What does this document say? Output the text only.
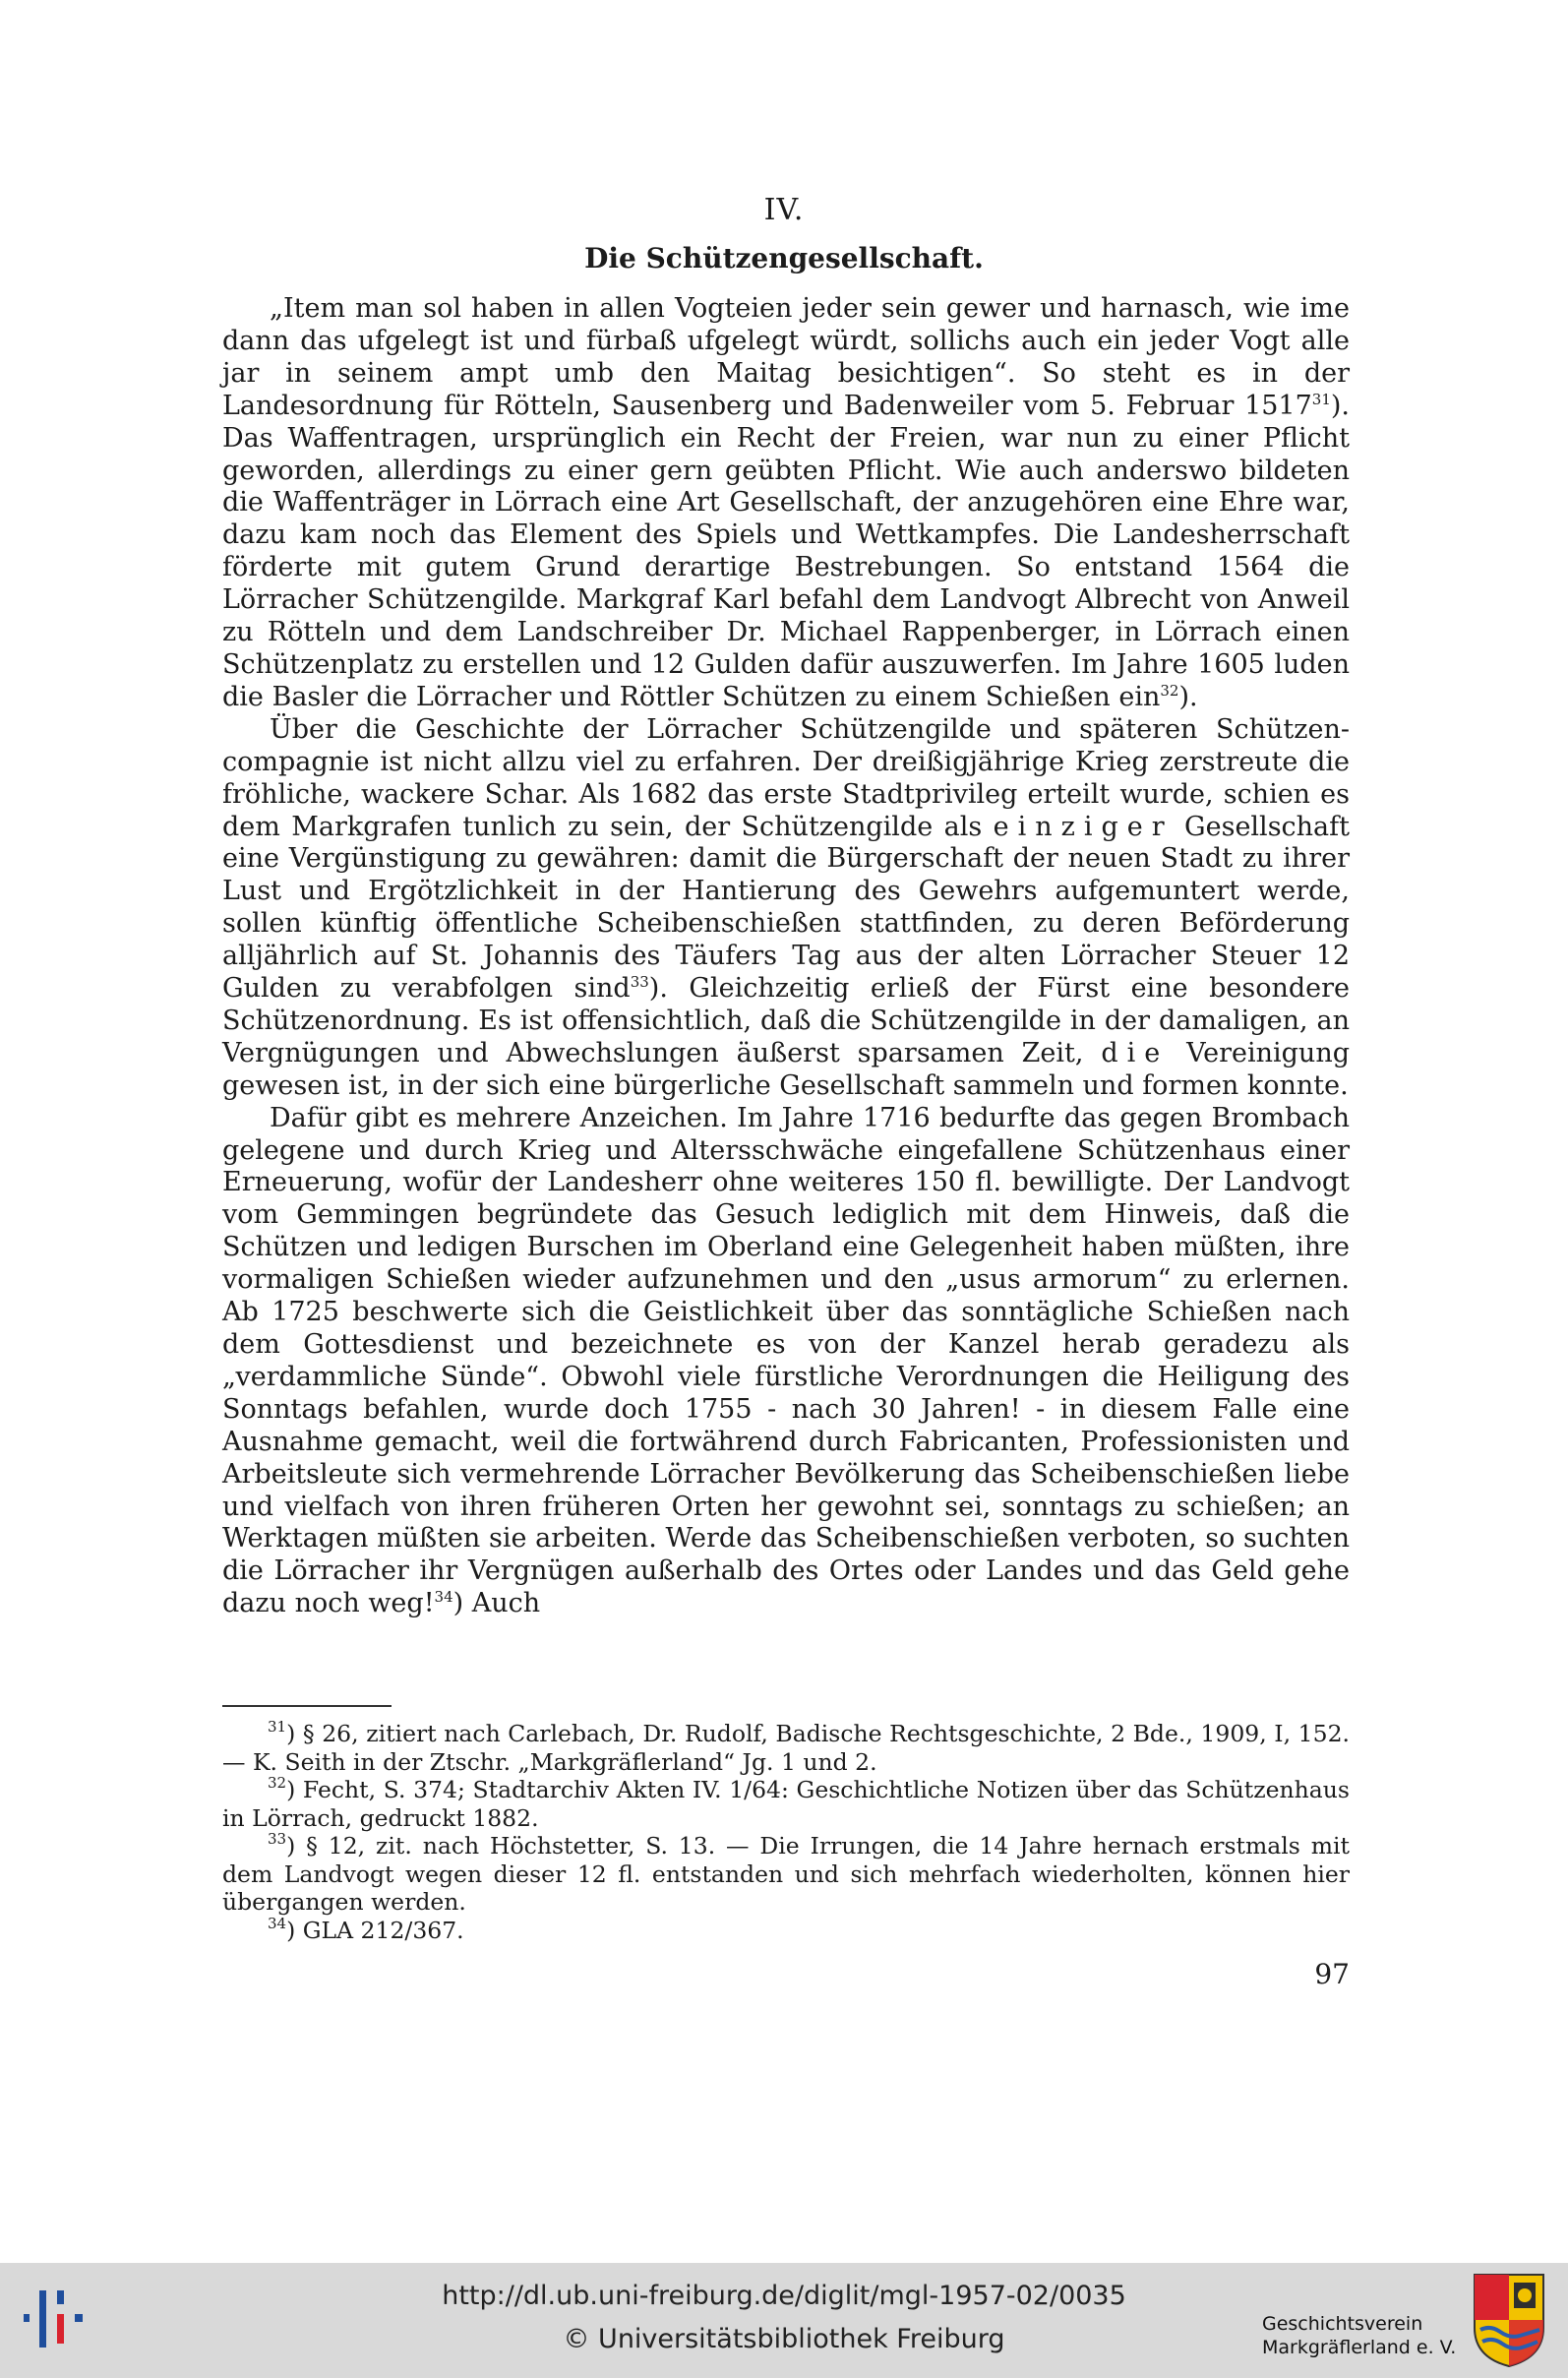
IV.
Die Schützengesellschaft.

„Item man sol haben in allen Vogteien jeder sein gewer und harnasch, wie ime dann das ufgelegt ist und fürbaß ufgelegt würdt, sollichs auch ein jeder Vogt alle jar in seinem ampt umb den Maitag besichtigen“. So steht es in der Landesordnung für Rötteln, Sausenberg und Badenweiler vom 5. Februar 1517$^{31}$). Das Waffentragen, ursprünglich ein Recht der Freien, war nun zu einer Pflicht geworden, allerdings zu einer gern geübten Pflicht. Wie auch anderswo bildeten die Waffenträger in Lörrach eine Art Gesellschaft, der anzugehören eine Ehre war, dazu kam noch das Element des Spiels und Wettkampfes. Die Landesherrschaft förderte mit gutem Grund derartige Bestrebungen. So entstand 1564 die Lörracher Schützengilde. Markgraf Karl befahl dem Landvogt Albrecht von Anweil zu Rötteln und dem Landschreiber Dr. Michael Rappenberger, in Lörrach einen Schützenplatz zu erstellen und 12 Gulden dafür auszuwerfen. Im Jahre 1605 luden die Basler die Lörracher und Röttler Schützen zu einem Schießen ein$^{32}$).

Über die Geschichte der Lörracher Schützengilde und späteren Schützencompagnie ist nicht allzu viel zu erfahren. Der dreißigjährige Krieg zerstreute die fröhliche, wackere Schar. Als 1682 das erste Stadtprivileg erteilt wurde, schien es dem Markgrafen tunlich zu sein, der Schützengilde als einziger Gesellschaft eine Vergünstigung zu gewähren: damit die Bürgerschaft der neuen Stadt zu ihrer Lust und Ergötzlichkeit in der Hantierung des Gewehrs aufgemuntert werde, sollen künftig öffentliche Scheibenschießen stattfinden, zu deren Beförderung alljährlich auf St. Johannis des Täufers Tag aus der alten Lörracher Steuer 12 Gulden zu verabfolgen sind$^{33}$). Gleichzeitig erließ der Fürst eine besondere Schützenordnung. Es ist offensichtlich, daß die Schützengilde in der damaligen, an Vergnügungen und Abwechslungen äußerst sparsamen Zeit, die Vereinigung gewesen ist, in der sich eine bürgerliche Gesellschaft sammeln und formen konnte.

Dafür gibt es mehrere Anzeichen. Im Jahre 1716 bedurfte das gegen Brombach gelegene und durch Krieg und Altersschwäche eingefallene Schützenhaus einer Erneuerung, wofür der Landesherr ohne weiteres 150 fl. bewilligte. Der Landvogt vom Gemmingen begründete das Gesuch lediglich mit dem Hinweis, daß die Schützen und ledigen Burschen im Oberland eine Gelegenheit haben müßten, ihre vormaligen Schießen wieder aufzunehmen und den „usus armorum“ zu erlernen. Ab 1725 beschwerte sich die Geistlichkeit über das sonntägliche Schießen nach dem Gottesdienst und bezeichnete es von der Kanzel herab geradezu als „verdammliche Sünde“. Obwohl viele fürstliche Verordnungen die Heiligung des Sonntags befahlen, wurde doch 1755 - nach 30 Jahren! - in diesem Falle eine Ausnahme gemacht, weil die fortwährend durch Fabricanten, Professionisten und Arbeitsleute sich vermehrende Lörracher Bevölkerung das Scheibenschießen liebe und vielfach von ihren früheren Orten her gewohnt sei, sonntags zu schießen; an Werktagen müßten sie arbeiten. Werde das Scheibenschießen verboten, so suchten die Lörracher ihr Vergnügen außerhalb des Ortes oder Landes und das Geld gehe dazu noch weg!$^{34}$) Auch

$^{31}$) § 26, zitiert nach Carlebach, Dr. Rudolf, Badische Rechtsgeschichte, 2 Bde., 1909, I, 152. — K. Seith in der Ztschr. „Markgräflerland“ Jg. 1 und 2.

$^{32}$) Fecht, S. 374; Stadtarchiv Akten IV. 1/64: Geschichtliche Notizen über das Schützenhaus in Lörrach, gedruckt 1882.

$^{33}$) § 12, zit. nach Höchstetter, S. 13. — Die Irrungen, die 14 Jahre hernach erstmals mit dem Landvogt wegen dieser 12 fl. entstanden und sich mehrfach wiederholten, können hier übergangen werden.

$^{34}$) GLA 212/367.

97
http://dl.ub.uni-freiburg.de/diglit/mgl-1957-02/0035
© Universitätsbibliothek Freiburg	Geschichtsverein
Markgräflerland e. V.
